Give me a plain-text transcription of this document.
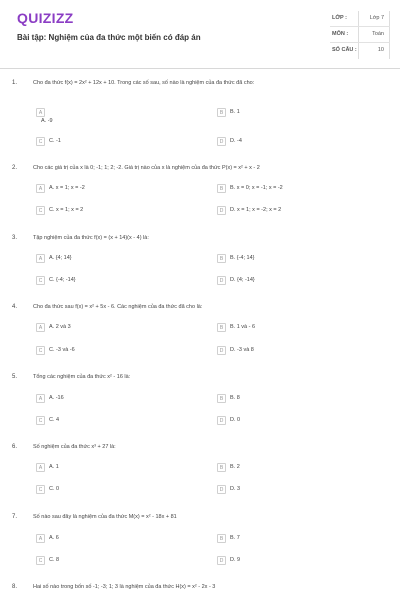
QUIZIZZ
Bài tập: Nghiệm của đa thức một biến có đáp án
LỚP :	Lớp 7
MÔN :	Toán
SỐ CÂU :	10
1.	Cho đa thức f(x) = 2x² + 12x + 10. Trong các số sau, số nào là nghiệm của đa thức đã cho:
A
A. -9
B	B. 1
C	C. -1	D	D. -4
2.	Cho các giá trị của x là 0; -1; 1; 2; -2. Giá trị nào của x là nghiệm của đa thức P(x) = x² + x - 2
A	A. x = 1; x = -2	B	B. x = 0; x = -1; x = -2
C	C. x = 1; x = 2	D	D. x = 1; x = -2; x = 2
3.	Tập nghiệm của đa thức f(x) = (x + 14)(x - 4) là:
A	A. {4; 14}	B	B. {-4; 14}
C	C. {-4; -14}	D	D. {4; -14}
4.	Cho đa thức sau f(x) = x² + 5x - 6. Các nghiệm của đa thức đã cho là:
A	A. 2 và 3	B	B. 1 và - 6
C	C. -3 và -6	D	D. -3 và 8
5.	Tổng các nghiệm của đa thức x² - 16 là:
A	A. -16	B	B. 8
C	C. 4	D	D. 0
6.	Số nghiệm của đa thức x³ + 27 là:
A	A. 1	B	B. 2
C	C. 0	D	D. 3
7.	Số nào sau đây là nghiệm của đa thức M(x) = x² - 18x + 81
A	A. 6	B	B. 7
C	C. 8	D	D. 9
8.	Hai số nào trong bốn số -1; -3; 1; 3 là nghiệm của đa thức H(x) = x² - 2x - 3
